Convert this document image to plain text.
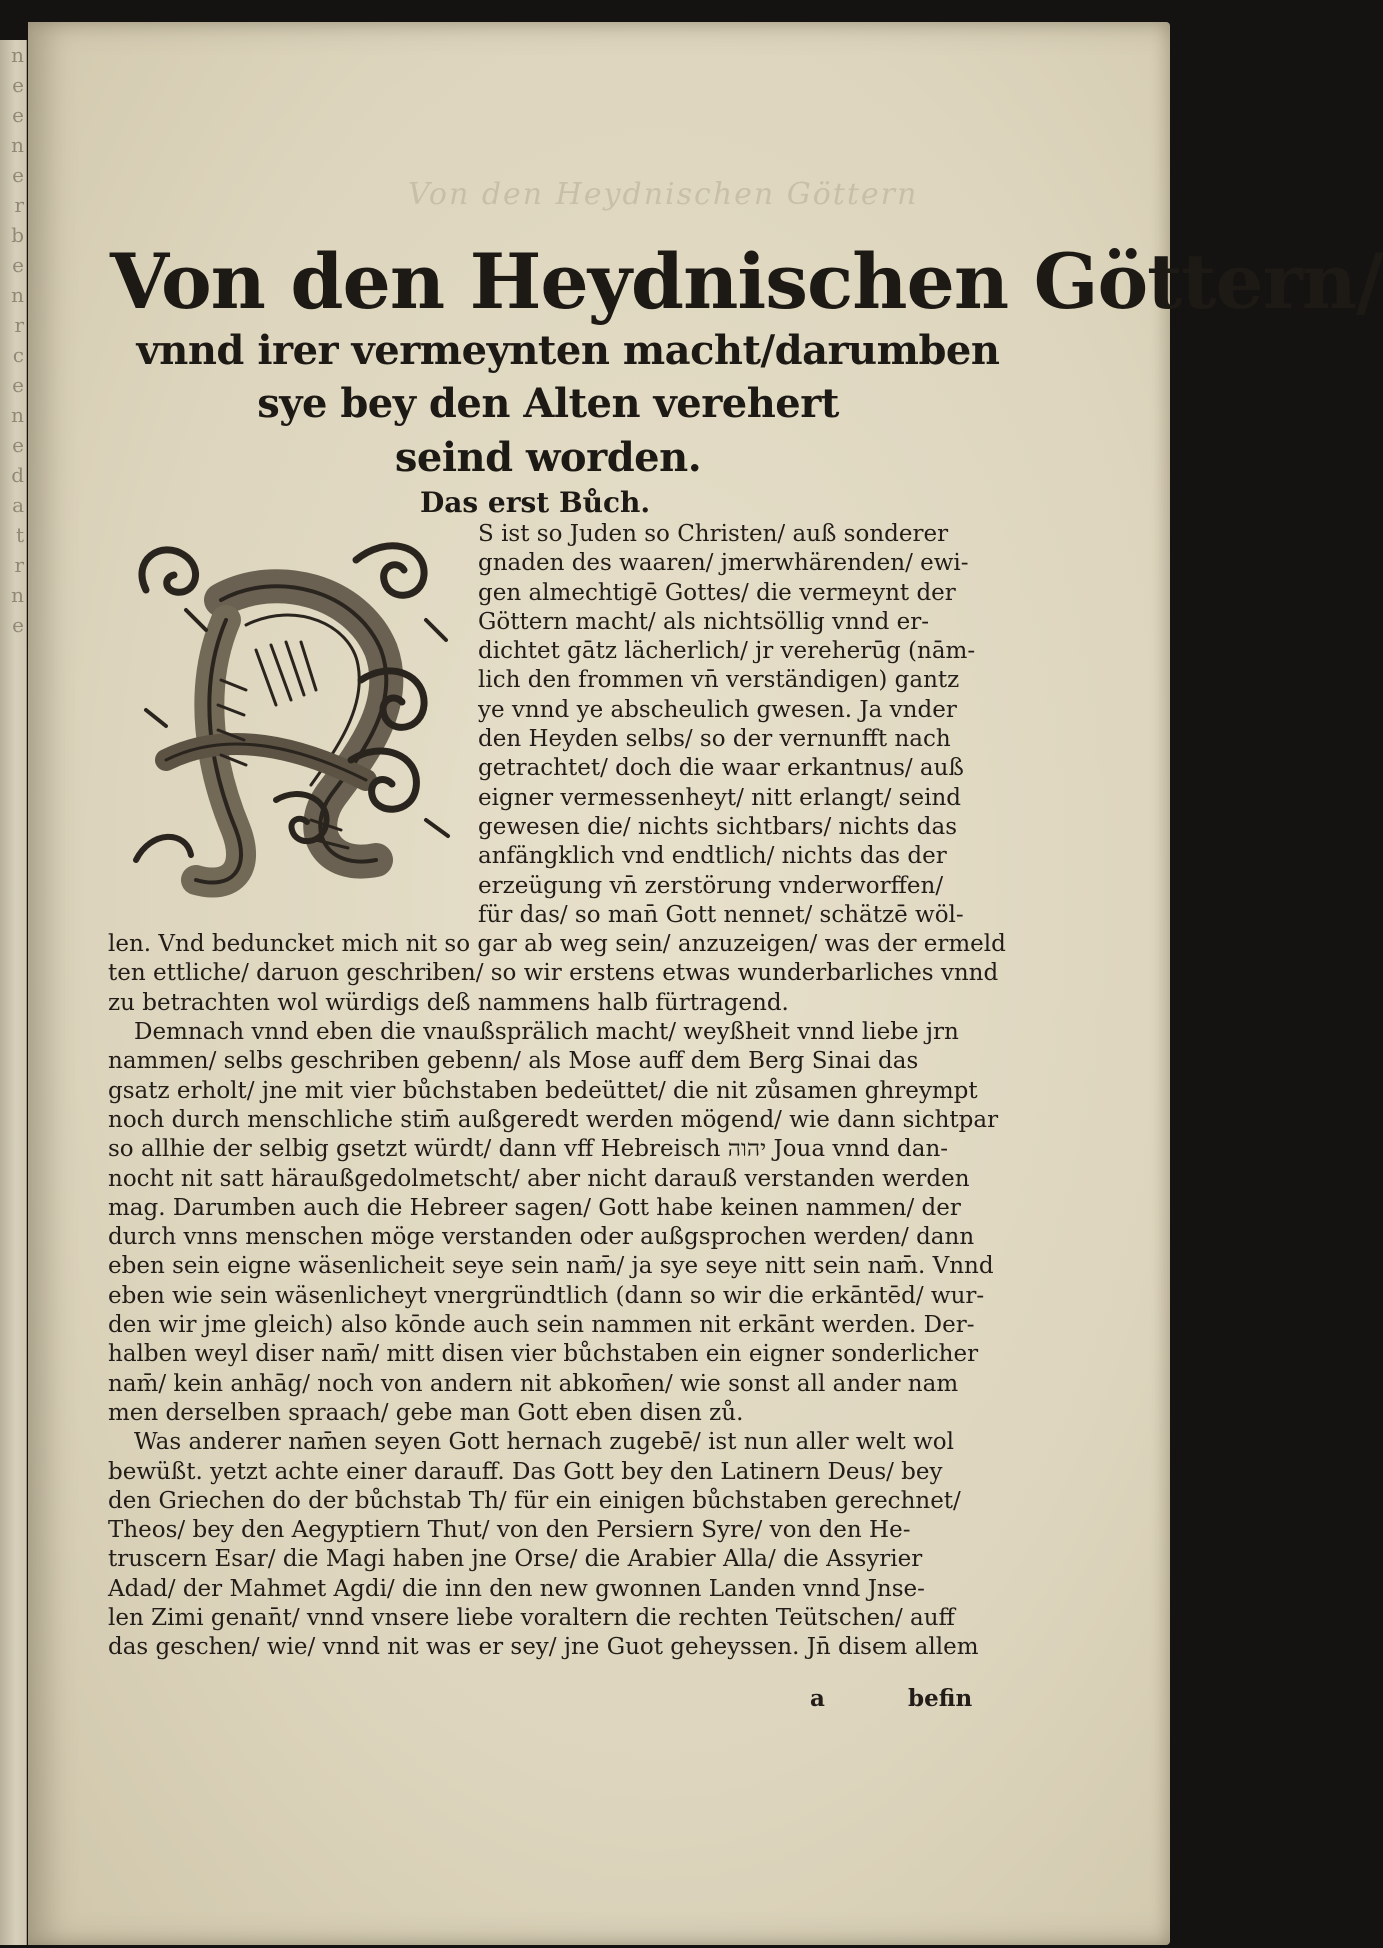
n
e
e
n
e
r
b
e
n
r
c
e
n
e
d
a
t
r
n
e
Von den Heydnischen Göttern
Von den Heydnischen Göttern/
vnnd irer vermeynten macht/darumben
sye bey den Alten verehert
seind worden.
Das erst Bůch.
S ist so Juden so Christen/ auß sonderer
gnaden des waaren/ jmerwhärenden/ ewi-
gen almechtigē Gottes/ die vermeynt der
Göttern macht/ als nichtsöllig vnnd er-
dichtet gātz lächerlich/ jr vereherūg (nām-
lich den frommen vn̄ verständigen) gantz
ye vnnd ye abscheulich gwesen. Ja vnder
den Heyden selbs/ so der vernunfft nach
getrachtet/ doch die waar erkantnus/ auß
eigner vermessenheyt/ nitt erlangt/ seind
gewesen die/ nichts sichtbars/ nichts das
anfängklich vnd endtlich/ nichts das der
erzeügung vn̄ zerstörung vnderworffen/
für das/ so man̄ Gott nennet/ schätzē wöl-
len. Vnd beduncket mich nit so gar ab weg sein/ anzuzeigen/ was der ermeld
ten ettliche/ daruon geschriben/ so wir erstens etwas wunderbarliches vnnd
zu betrachten wol würdigs deß nammens halb fürtragend.
Demnach vnnd eben die vnaußsprälich macht/ weyßheit vnnd liebe jrn
nammen/ selbs geschriben gebenn/ als Mose auff dem Berg Sinai das
gsatz erholt/ jne mit vier bůchstaben bedeüttet/ die nit zůsamen ghreympt
noch durch menschliche stim̄ außgeredt werden mögend/ wie dann sichtpar
so allhie der selbig gsetzt würdt/ dann vff Hebreisch יהוה Joua vnnd dan-
nocht nit satt häraußgedolmetscht/ aber nicht darauß verstanden werden
mag. Darumben auch die Hebreer sagen/ Gott habe keinen nammen/ der
durch vnns menschen möge verstanden oder außgsprochen werden/ dann
eben sein eigne wäsenlicheit seye sein nam̄/ ja sye seye nitt sein nam̄. Vnnd
eben wie sein wäsenlicheyt vnergründtlich (dann so wir die erkāntēd/ wur-
den wir jme gleich) also kōnde auch sein nammen nit erkānt werden. Der-
halben weyl diser nam̄/ mitt disen vier bůchstaben ein eigner sonderlicher
nam̄/ kein anhāg/ noch von andern nit abkom̄en/ wie sonst all ander nam
men derselben spraach/ gebe man Gott eben disen zů.
Was anderer nam̄en seyen Gott hernach zugebē/ ist nun aller welt wol
bewüßt. yetzt achte einer darauff. Das Gott bey den Latinern Deus/ bey
den Griechen do der bůchstab Th/ für ein einigen bůchstaben gerechnet/
Theos/ bey den Aegyptiern Thut/ von den Persiern Syre/ von den He-
truscern Esar/ die Magi haben jne Orse/ die Arabier Alla/ die Assyrier
Adad/ der Mahmet Agdi/ die inn den new gwonnen Landen vnnd Jnse-
len Zimi genan̄t/ vnnd vnsere liebe voraltern die rechten Teütschen/ auff
das geschen/ wie/ vnnd nit was er sey/ jne Guot geheyssen. Jn̄ disem allem
a	befin
